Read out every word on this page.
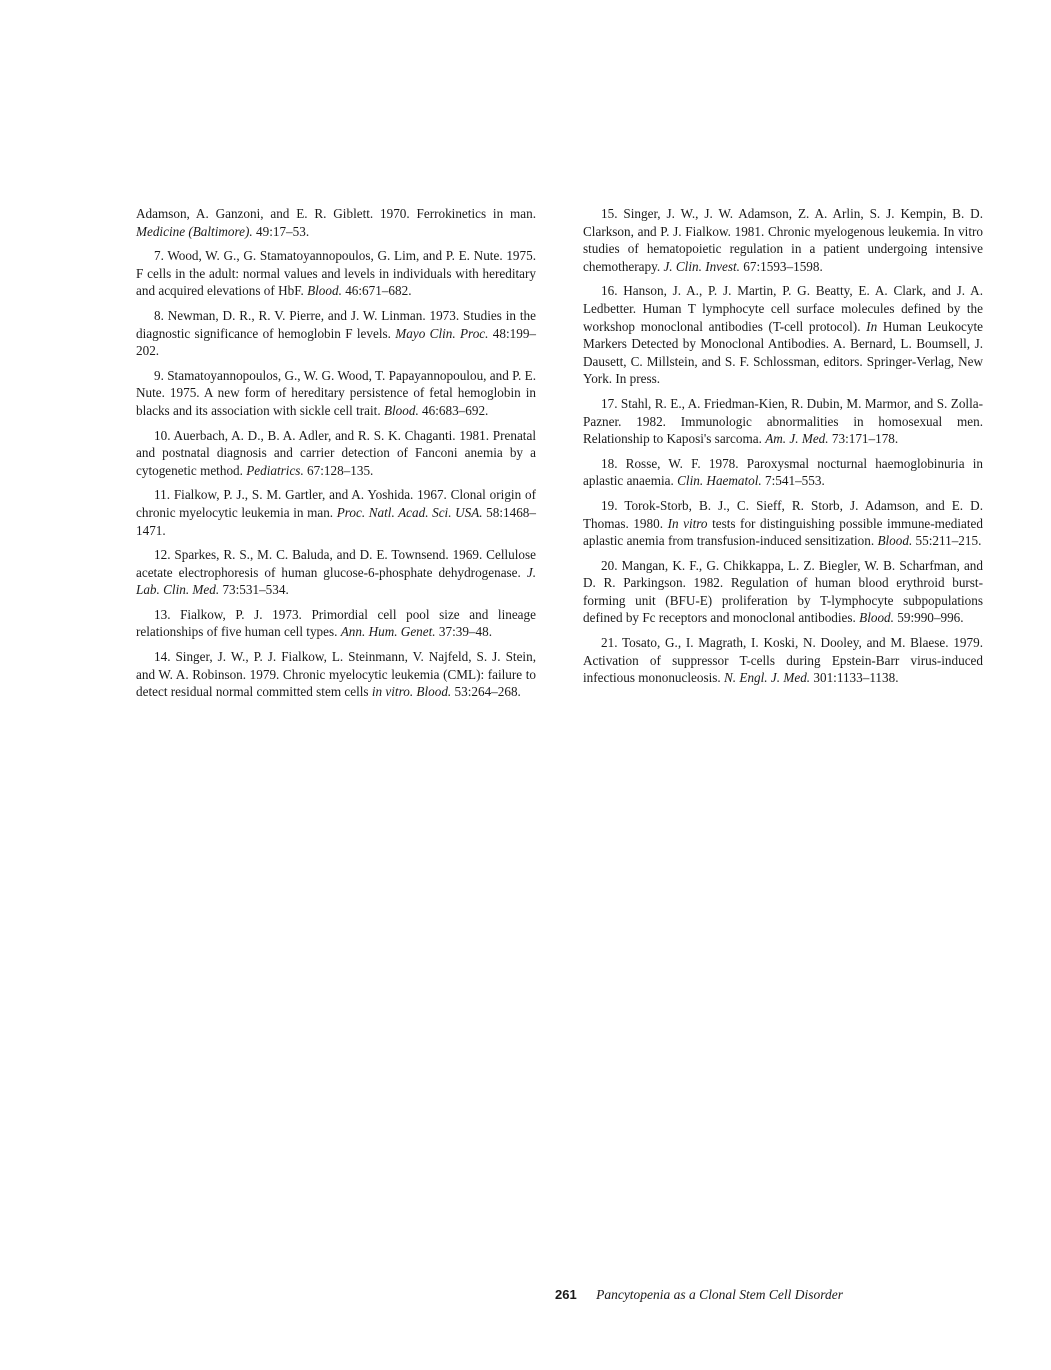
Adamson, A. Ganzoni, and E. R. Giblett. 1970. Ferrokinetics in man. Medicine (Baltimore). 49:17–53.

7. Wood, W. G., G. Stamatoyannopoulos, G. Lim, and P. E. Nute. 1975. F cells in the adult: normal values and levels in individuals with hereditary and acquired elevations of HbF. Blood. 46:671–682.

8. Newman, D. R., R. V. Pierre, and J. W. Linman. 1973. Studies in the diagnostic significance of hemoglobin F levels. Mayo Clin. Proc. 48:199–202.

9. Stamatoyannopoulos, G., W. G. Wood, T. Papayannopoulou, and P. E. Nute. 1975. A new form of hereditary persistence of fetal hemoglobin in blacks and its association with sickle cell trait. Blood. 46:683–692.

10. Auerbach, A. D., B. A. Adler, and R. S. K. Chaganti. 1981. Prenatal and postnatal diagnosis and carrier detection of Fanconi anemia by a cytogenetic method. Pediatrics. 67:128–135.

11. Fialkow, P. J., S. M. Gartler, and A. Yoshida. 1967. Clonal origin of chronic myelocytic leukemia in man. Proc. Natl. Acad. Sci. USA. 58:1468–1471.

12. Sparkes, R. S., M. C. Baluda, and D. E. Townsend. 1969. Cellulose acetate electrophoresis of human glucose-6-phosphate dehydrogenase. J. Lab. Clin. Med. 73:531–534.

13. Fialkow, P. J. 1973. Primordial cell pool size and lineage relationships of five human cell types. Ann. Hum. Genet. 37:39–48.

14. Singer, J. W., P. J. Fialkow, L. Steinmann, V. Najfeld, S. J. Stein, and W. A. Robinson. 1979. Chronic myelocytic leukemia (CML): failure to detect residual normal committed stem cells in vitro. Blood. 53:264–268.

15. Singer, J. W., J. W. Adamson, Z. A. Arlin, S. J. Kempin, B. D. Clarkson, and P. J. Fialkow. 1981. Chronic myelogenous leukemia. In vitro studies of hematopoietic regulation in a patient undergoing intensive chemotherapy. J. Clin. Invest. 67:1593–1598.

16. Hanson, J. A., P. J. Martin, P. G. Beatty, E. A. Clark, and J. A. Ledbetter. Human T lymphocyte cell surface molecules defined by the workshop monoclonal antibodies (T-cell protocol). In Human Leukocyte Markers Detected by Monoclonal Antibodies. A. Bernard, L. Boumsell, J. Dausett, C. Millstein, and S. F. Schlossman, editors. Springer-Verlag, New York. In press.

17. Stahl, R. E., A. Friedman-Kien, R. Dubin, M. Marmor, and S. Zolla-Pazner. 1982. Immunologic abnormalities in homosexual men. Relationship to Kaposi's sarcoma. Am. J. Med. 73:171–178.

18. Rosse, W. F. 1978. Paroxysmal nocturnal haemoglobinuria in aplastic anaemia. Clin. Haematol. 7:541–553.

19. Torok-Storb, B. J., C. Sieff, R. Storb, J. Adamson, and E. D. Thomas. 1980. In vitro tests for distinguishing possible immune-mediated aplastic anemia from transfusion-induced sensitization. Blood. 55:211–215.

20. Mangan, K. F., G. Chikkappa, L. Z. Biegler, W. B. Scharfman, and D. R. Parkingson. 1982. Regulation of human blood erythroid burst-forming unit (BFU-E) proliferation by T-lymphocyte subpopulations defined by Fc receptors and monoclonal antibodies. Blood. 59:990–996.

21. Tosato, G., I. Magrath, I. Koski, N. Dooley, and M. Blaese. 1979. Activation of suppressor T-cells during Epstein-Barr virus-induced infectious mononucleosis. N. Engl. J. Med. 301:1133–1138.

261 Pancytopenia as a Clonal Stem Cell Disorder
